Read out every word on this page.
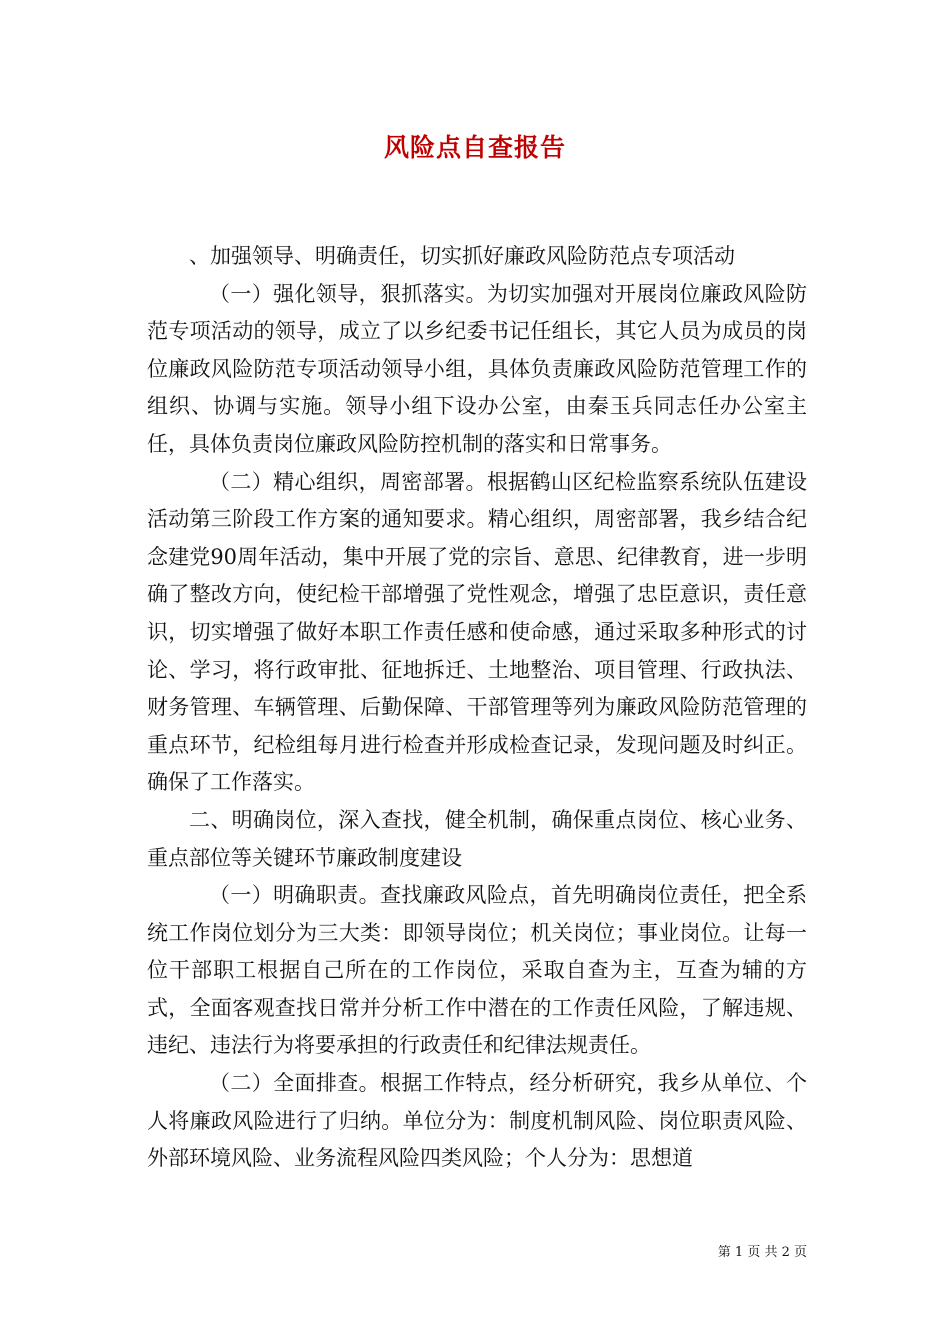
风险点自查报告

、加强领导、明确责任，切实抓好廉政风险防范点专项活动

（一）强化领导，狠抓落实。为切实加强对开展岗位廉政风险防范专项活动的领导，成立了以乡纪委书记任组长，其它人员为成员的岗位廉政风险防范专项活动领导小组，具体负责廉政风险防范管理工作的组织、协调与实施。领导小组下设办公室，由秦玉兵同志任办公室主任，具体负责岗位廉政风险防控机制的落实和日常事务。

（二）精心组织，周密部署。根据鹤山区纪检监察系统队伍建设活动第三阶段工作方案的通知要求。精心组织，周密部署，我乡结合纪念建党90周年活动，集中开展了党的宗旨、意思、纪律教育，进一步明确了整改方向，使纪检干部增强了党性观念，增强了忠臣意识，责任意识，切实增强了做好本职工作责任感和使命感，通过采取多种形式的讨论、学习，将行政审批、征地拆迁、土地整治、项目管理、行政执法、财务管理、车辆管理、后勤保障、干部管理等列为廉政风险防范管理的重点环节，纪检组每月进行检查并形成检查记录，发现问题及时纠正。确保了工作落实。

二、明确岗位，深入查找，健全机制，确保重点岗位、核心业务、重点部位等关键环节廉政制度建设

（一）明确职责。查找廉政风险点，首先明确岗位责任，把全系统工作岗位划分为三大类：即领导岗位；机关岗位；事业岗位。让每一位干部职工根据自己所在的工作岗位，采取自查为主，互查为辅的方式，全面客观查找日常并分析工作中潜在的工作责任风险，了解违规、违纪、违法行为将要承担的行政责任和纪律法规责任。

（二）全面排查。根据工作特点，经分析研究，我乡从单位、个人将廉政风险进行了归纳。单位分为：制度机制风险、岗位职责风险、外部环境风险、业务流程风险四类风险；个人分为：思想道

第 1 页 共 2 页
